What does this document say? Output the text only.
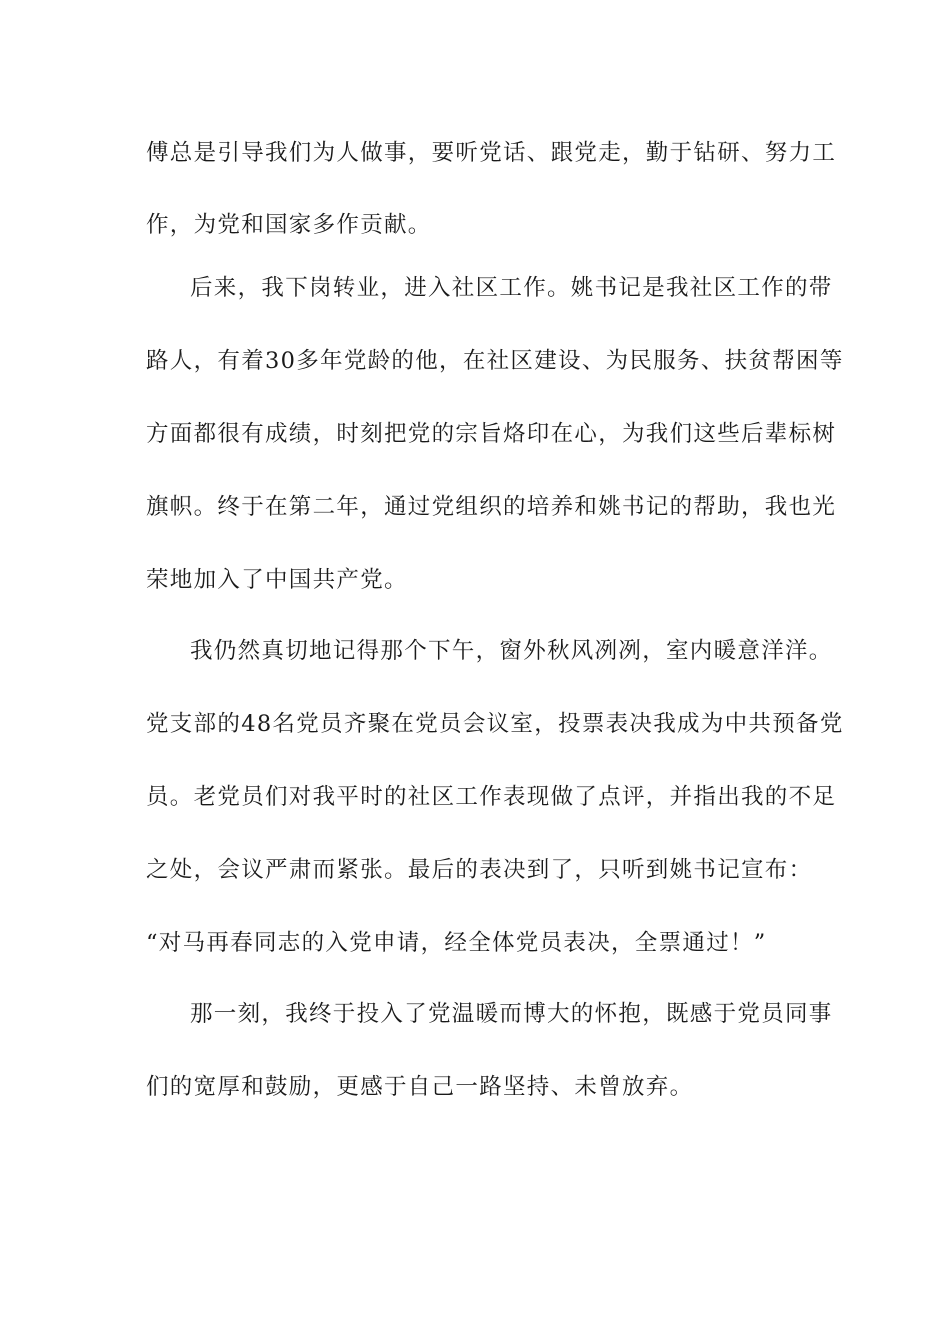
傅总是引导我们为人做事，要听党话、跟党走，勤于钻研、努力工
作，为党和国家多作贡献。
后来，我下岗转业，进入社区工作。姚书记是我社区工作的带
路人，有着30多年党龄的他，在社区建设、为民服务、扶贫帮困等
方面都很有成绩，时刻把党的宗旨烙印在心，为我们这些后辈标树
旗帜。终于在第二年，通过党组织的培养和姚书记的帮助，我也光
荣地加入了中国共产党。
我仍然真切地记得那个下午，窗外秋风冽冽，室内暖意洋洋。
党支部的48名党员齐聚在党员会议室，投票表决我成为中共预备党
员。老党员们对我平时的社区工作表现做了点评，并指出我的不足
之处，会议严肃而紧张。最后的表决到了，只听到姚书记宣布：
“对马再春同志的入党申请，经全体党员表决，全票通过！”
那一刻，我终于投入了党温暖而博大的怀抱，既感于党员同事
们的宽厚和鼓励，更感于自己一路坚持、未曾放弃。
